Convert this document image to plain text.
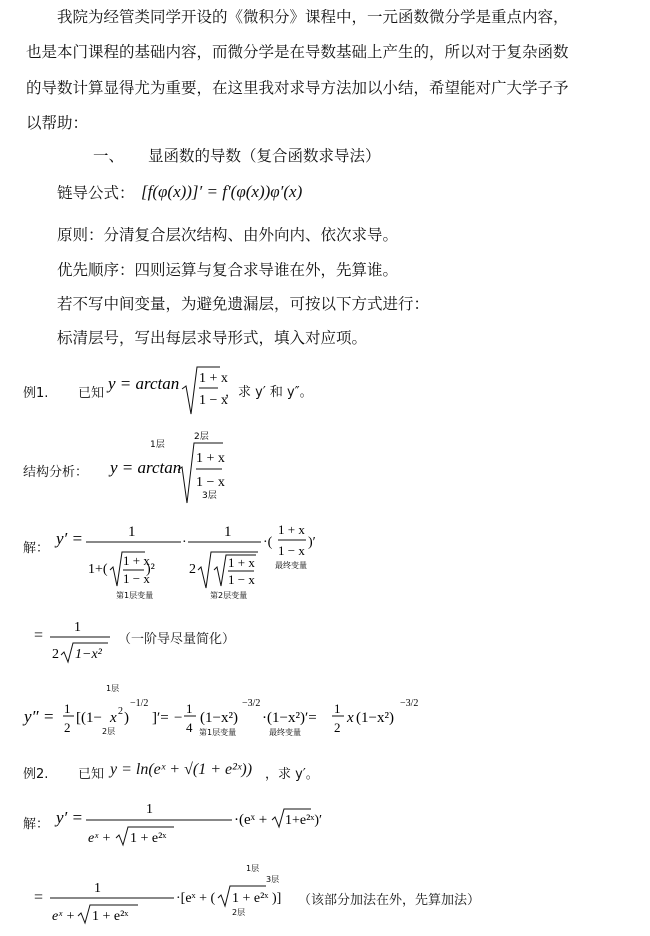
我院为经管类同学开设的《微积分》课程中，一元函数微分学是重点内容，
也是本门课程的基础内容，而微分学是在导数基础上产生的，所以对于复杂函数
的导数计算显得尤为重要，在这里我对求导方法加以小结，希望能对广大学子予
以帮助：
一、 显函数的导数（复合函数求导法）
链导公式： [f(φ(x))]′ = f′(φ(x))φ′(x)
原则：分清复合层次结构、由外向内、依次求导。
优先顺序：四则运算与复合求导谁在外，先算谁。
若不写中间变量，为避免遗漏层，可按以下方式进行：
标清层号，写出每层求导形式，填入对应项。
例1. 已知
y = arctan 1 + x
1 − x
，求 y′ 和 y″。
结构分析：
1层
y = arctan
2层
1 + x
1 − x
3层
解：
y′ =	1
1+(
1 + x
1 − x
)²
第1层变量
·
1
2 1 + x
1 − x
第2层变量
·(
1 + x
1 − x
)′
最终变量
= 1
2 1−x²
（一阶导尽量简化）
y″ = 1
2
1层
[(1− x 2 )
−1/2
]′=
2层
−
1
4
(1−x²)
−3/2
·(1−x²)′=
第1层变量	最终变量
1
2
x (1−x²)
−3/2
例2. 已知 y = ln(eˣ + √(1 + e²ˣ)) ，求 y′。
解： y′ =	1
eˣ + 1 + e²ˣ
·(eˣ + 1+e²ˣ)′
=
1
eˣ + 1 + e²ˣ
·[eˣ + (
1层
3层
1 + e²ˣ
2层
)] （该部分加法在外，先算加法）
